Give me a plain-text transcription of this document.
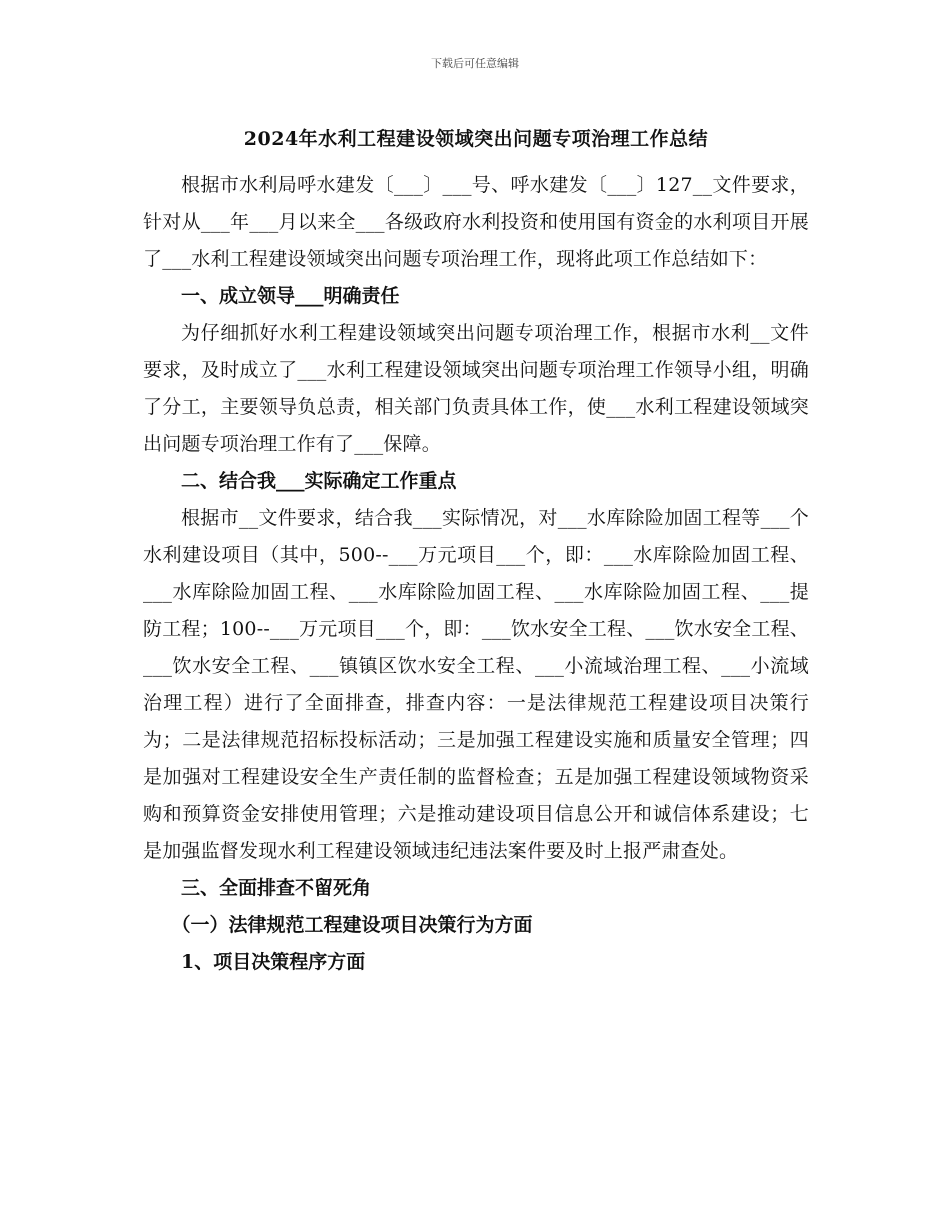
下载后可任意编辑
2024年水利工程建设领域突出问题专项治理工作总结

根据市水利局呼水建发〔___〕___号、呼水建发〔___〕127__文件要求，针对从___年___月以来全___各级政府水利投资和使用国有资金的水利项目开展了___水利工程建设领域突出问题专项治理工作，现将此项工作总结如下：

一、成立领导___明确责任

为仔细抓好水利工程建设领域突出问题专项治理工作，根据市水利__文件要求，及时成立了___水利工程建设领域突出问题专项治理工作领导小组，明确了分工，主要领导负总责，相关部门负责具体工作，使___水利工程建设领域突出问题专项治理工作有了___保障。

二、结合我___实际确定工作重点

根据市__文件要求，结合我___实际情况，对___水库除险加固工程等___个水利建设项目（其中，500--___万元项目___个，即：___水库除险加固工程、___水库除险加固工程、___水库除险加固工程、___水库除险加固工程、___提防工程；100--___万元项目___个，即：___饮水安全工程、___饮水安全工程、___饮水安全工程、___镇镇区饮水安全工程、___小流域治理工程、___小流域治理工程）进行了全面排查，排查内容：一是法律规范工程建设项目决策行为；二是法律规范招标投标活动；三是加强工程建设实施和质量安全管理；四是加强对工程建设安全生产责任制的监督检查；五是加强工程建设领域物资采购和预算资金安排使用管理；六是推动建设项目信息公开和诚信体系建设；七是加强监督发现水利工程建设领域违纪违法案件要及时上报严肃查处。

三、全面排查不留死角

（一）法律规范工程建设项目决策行为方面

1、项目决策程序方面
